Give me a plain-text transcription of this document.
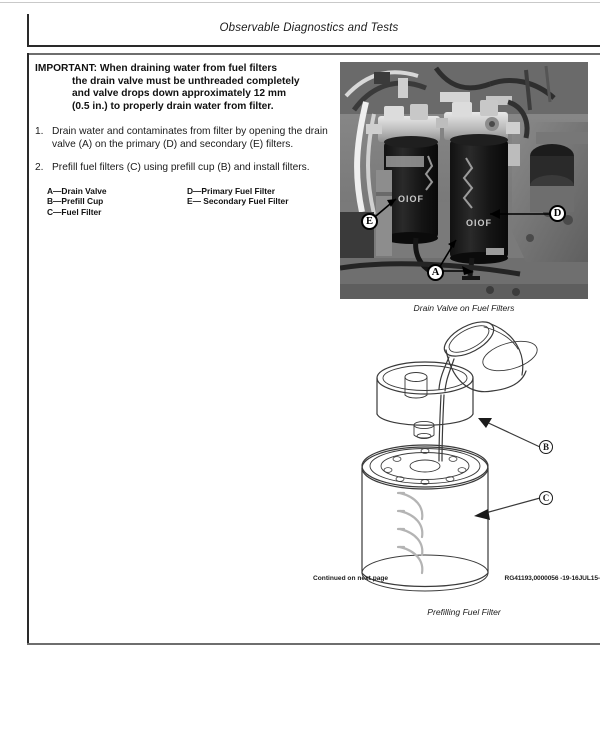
Observable Diagnostics and Tests
IMPORTANT: When draining water from fuel filters
the drain valve must be unthreaded completely
and valve drops down approximately 12 mm
(0.5 in.) to properly drain water from filter.
1. Drain water and contaminates from filter by opening the drain valve (A) on the primary (D) and secondary (E) filters.
2. Prefill fuel filters (C) using prefill cup (B) and install filters.
A—Drain Valve
B—Prefill Cup
C—Fuel Filter
D—Primary Fuel Filter
E— Secondary Fuel Filter	OIOF
OIOF
E
A
D
Drain Valve on Fuel Filters
B
C
Prefilling Fuel Filter
Continued on next page	RG41193,0000056 -19-16JUL15-
